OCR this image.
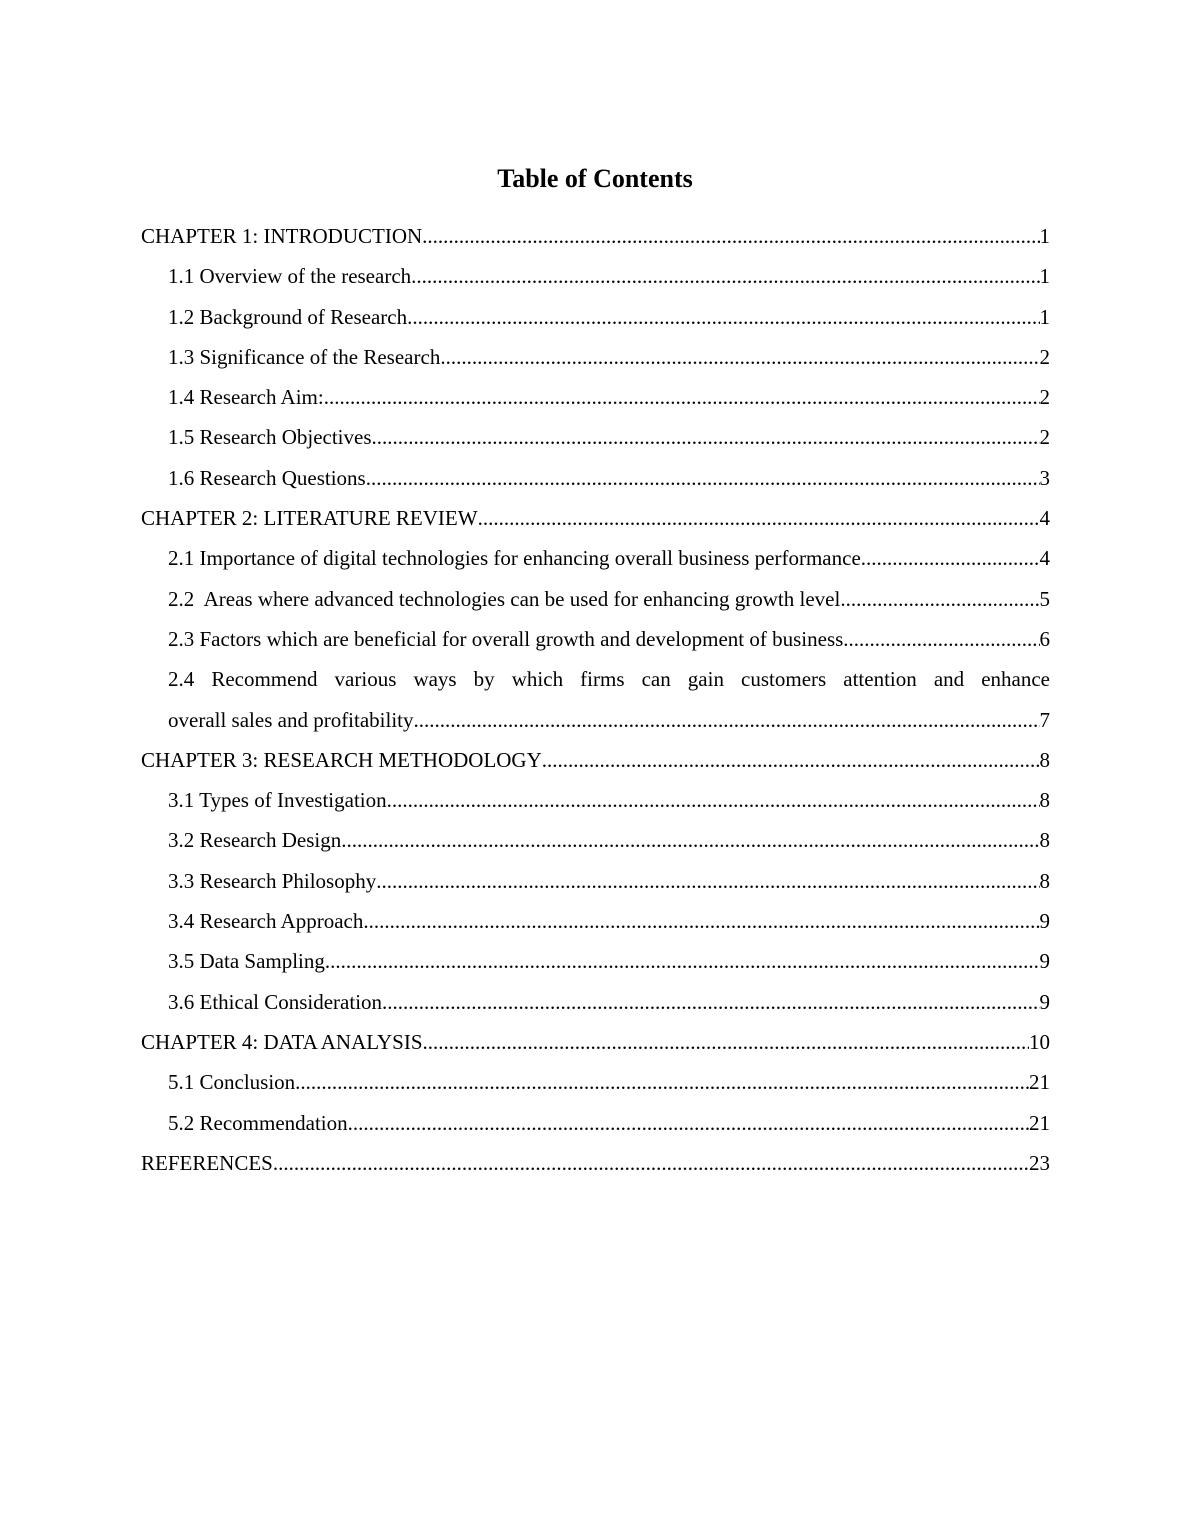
Table of Contents
CHAPTER 1: INTRODUCTION .....	1
1.1 Overview of the research .....	1
1.2 Background of Research .....	1
1.3 Significance of the Research .....	2
1.4 Research Aim: .....	2
1.5 Research Objectives .....	2
1.6 Research Questions .....	3
CHAPTER 2: LITERATURE REVIEW .....	4
2.1 Importance of digital technologies for enhancing overall business performance .....	4
2.2  Areas where advanced technologies can be used for enhancing growth level .....	5
2.3 Factors which are beneficial for overall growth and development of business .....	6
2.4 Recommend various ways by which firms can gain customers attention and enhance
overall sales and profitability .....	7
CHAPTER 3: RESEARCH METHODOLOGY .....	8
3.1 Types of Investigation .....	8
3.2 Research Design .....	8
3.3 Research Philosophy .....	8
3.4 Research Approach .....	9
3.5 Data Sampling .....	9
3.6 Ethical Consideration .....	9
CHAPTER 4: DATA ANALYSIS .....	10
5.1 Conclusion .....	21
5.2 Recommendation .....	21
REFERENCES .....	23
